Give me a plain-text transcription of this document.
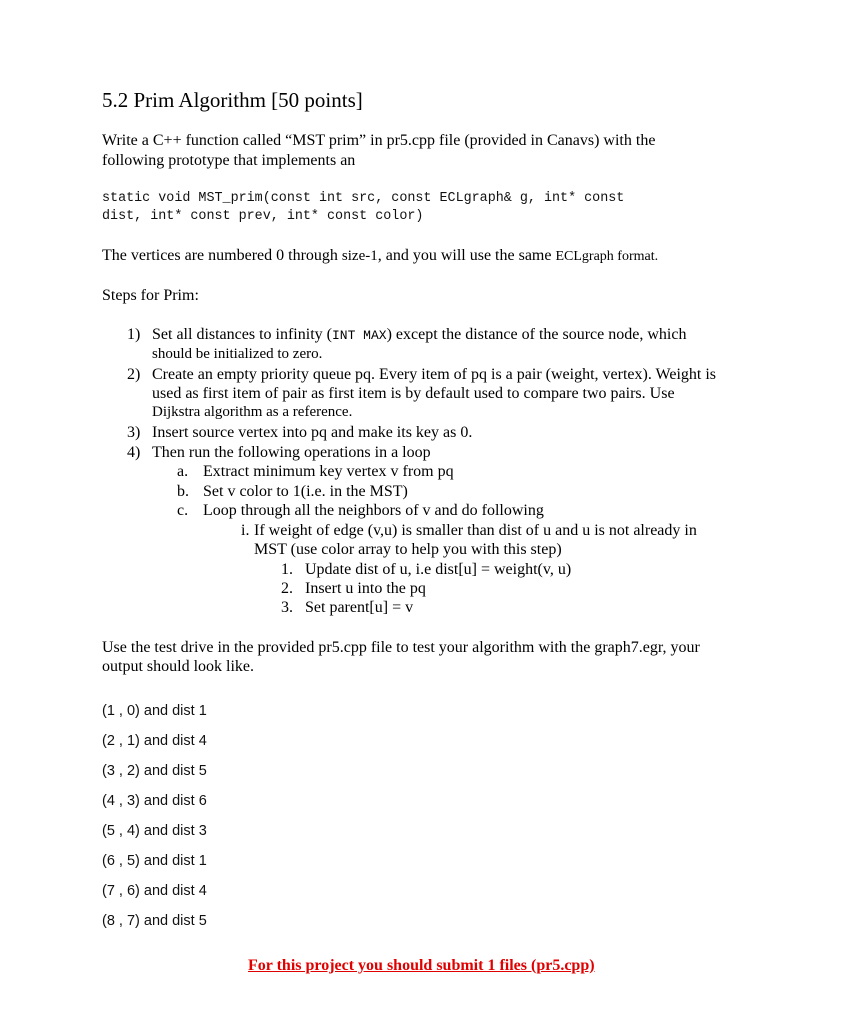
5.2 Prim Algorithm [50 points]
Write a C++ function called “MST prim” in pr5.cpp file (provided in Canavs) with the
following prototype that implements an
static void MST_prim(const int src, const ECLgraph& g, int* const
dist, int* const prev, int* const color)
The vertices are numbered 0 through size-1, and you will use the same ECLgraph format.
Steps for Prim:
1) Set all distances to infinity (INT MAX) except the distance of the source node, which
should be initialized to zero.
2) Create an empty priority queue pq. Every item of pq is a pair (weight, vertex). Weight is
used as first item of pair as first item is by default used to compare two pairs. Use
Dijkstra algorithm as a reference.
3) Insert source vertex into pq and make its key as 0.
4) Then run the following operations in a loop
a. Extract minimum key vertex v from pq
b. Set v color to 1(i.e. in the MST)
c. Loop through all the neighbors of v and do following
i. If weight of edge (v,u) is smaller than dist of u and u is not already in
MST (use color array to help you with this step)
1. Update dist of u, i.e dist[u] = weight(v, u)
2. Insert u into the pq
3. Set parent[u] = v
Use the test drive in the provided pr5.cpp file to test your algorithm with the graph7.egr, your
output should look like.
(1 , 0) and dist 1
(2 , 1) and dist 4
(3 , 2) and dist 5
(4 , 3) and dist 6
(5 , 4) and dist 3
(6 , 5) and dist 1
(7 , 6) and dist 4
(8 , 7) and dist 5
For this project you should submit 1 files (pr5.cpp)
